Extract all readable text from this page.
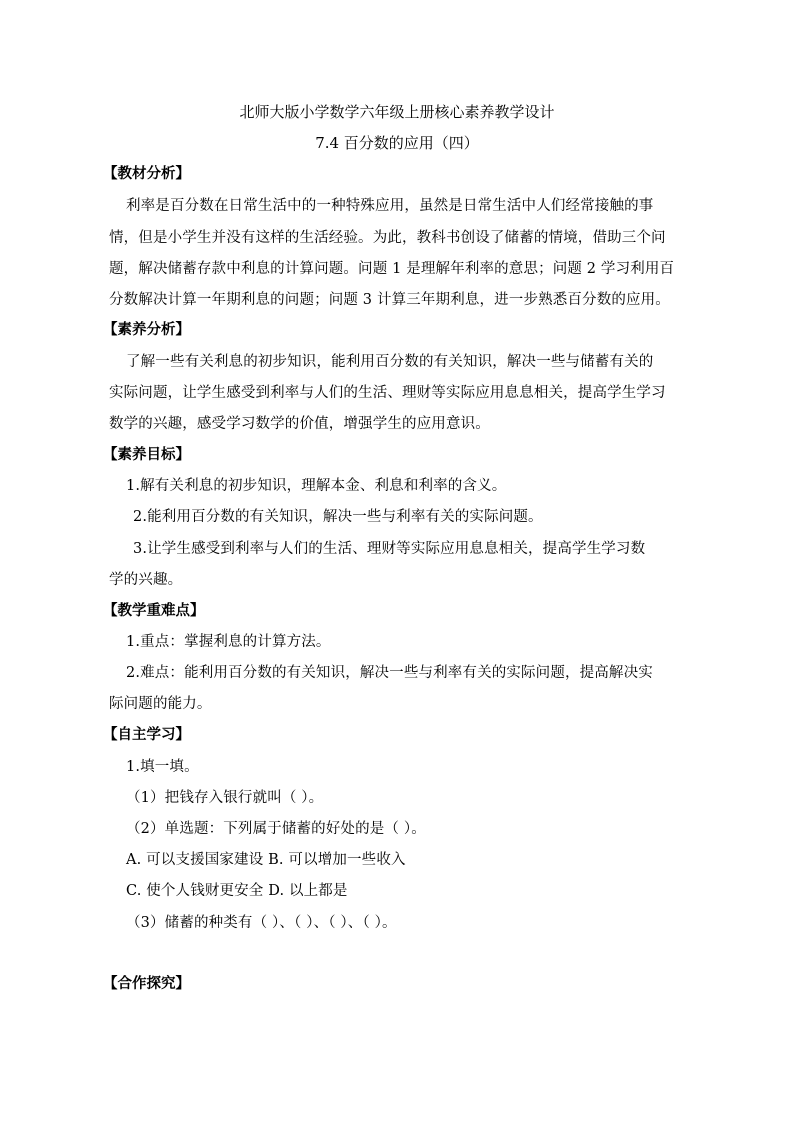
北师大版小学数学六年级上册核心素养教学设计
7.4 百分数的应用（四）
【教材分析】
利率是百分数在日常生活中的一种特殊应用，虽然是日常生活中人们经常接触的事
情，但是小学生并没有这样的生活经验。为此，教科书创设了储蓄的情境，借助三个问
题，解决储蓄存款中利息的计算问题。问题 1 是理解年利率的意思；问题 2 学习利用百
分数解决计算一年期利息的问题；问题 3 计算三年期利息，进一步熟悉百分数的应用。
【素养分析】
了解一些有关利息的初步知识，能利用百分数的有关知识，解决一些与储蓄有关的
实际问题，让学生感受到利率与人们的生活、理财等实际应用息息相关，提高学生学习
数学的兴趣，感受学习数学的价值，增强学生的应用意识。
【素养目标】
1.解有关利息的初步知识，理解本金、利息和利率的含义。
2.能利用百分数的有关知识，解决一些与利率有关的实际问题。
3.让学生感受到利率与人们的生活、理财等实际应用息息相关，提高学生学习数
学的兴趣。
【教学重难点】
1.重点：掌握利息的计算方法。
2.难点：能利用百分数的有关知识，解决一些与利率有关的实际问题，提高解决实
际问题的能力。
【自主学习】
1.填一填。
（1）把钱存入银行就叫（ ）。
（2）单选题：下列属于储蓄的好处的是（ ）。
A. 可以支援国家建设 B. 可以增加一些收入
C. 使个人钱财更安全 D. 以上都是
（3）储蓄的种类有（ ）、（ ）、（ ）、（ ）。
【合作探究】
